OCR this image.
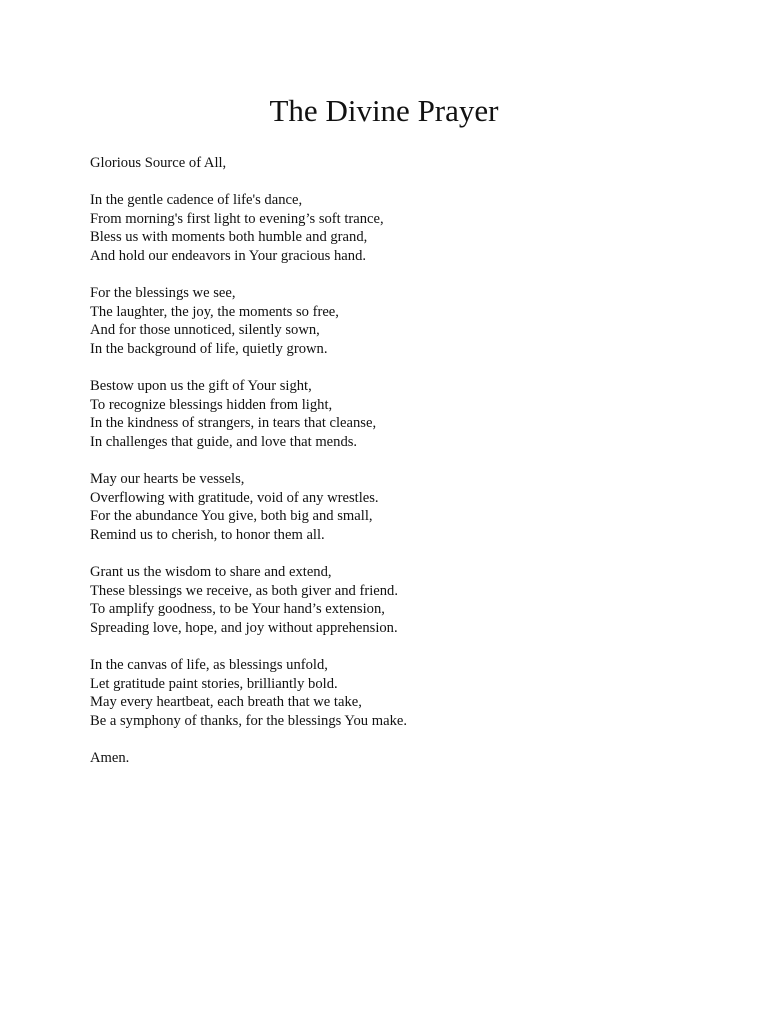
The Divine Prayer
Glorious Source of All,
In the gentle cadence of life's dance,
From morning's first light to evening’s soft trance,
Bless us with moments both humble and grand,
And hold our endeavors in Your gracious hand.
For the blessings we see,
The laughter, the joy, the moments so free,
And for those unnoticed, silently sown,
In the background of life, quietly grown.
Bestow upon us the gift of Your sight,
To recognize blessings hidden from light,
In the kindness of strangers, in tears that cleanse,
In challenges that guide, and love that mends.
May our hearts be vessels,
Overflowing with gratitude, void of any wrestles.
For the abundance You give, both big and small,
Remind us to cherish, to honor them all.
Grant us the wisdom to share and extend,
These blessings we receive, as both giver and friend.
To amplify goodness, to be Your hand’s extension,
Spreading love, hope, and joy without apprehension.
In the canvas of life, as blessings unfold,
Let gratitude paint stories, brilliantly bold.
May every heartbeat, each breath that we take,
Be a symphony of thanks, for the blessings You make.
Amen.
